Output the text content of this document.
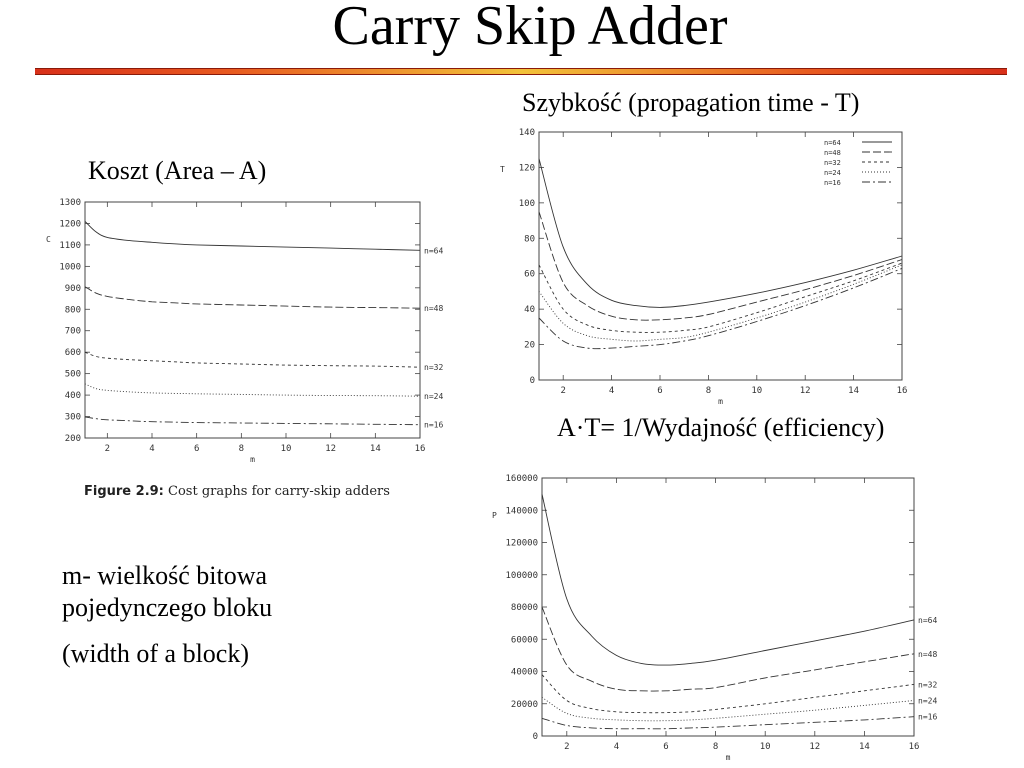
Carry Skip Adder
Szybkość (propagation time - T)
Koszt (Area – A)
A·T= 1/Wydajność (efficiency)
200
300
400
500
600
700
800
900
1000
1100
1200
1300
2	4	6	8	10	12	14	16
m
C
n=64
n=48
n=32
n=24
n=16
Figure 2.9: Cost graphs for carry-skip adders
0
20
40
60
80
100
120
140
2	4	6	8	10	12	14	16
m
T
n=64
n=48
n=32
n=24
n=16
0
20000
40000
60000
80000
100000
120000
140000
160000
2	4	6	8	10	12	14	16
m
P
n=64
n=48
n=32
n=24
n=16
m- wielkość bitowa
pojedynczego bloku
(width of a block)
